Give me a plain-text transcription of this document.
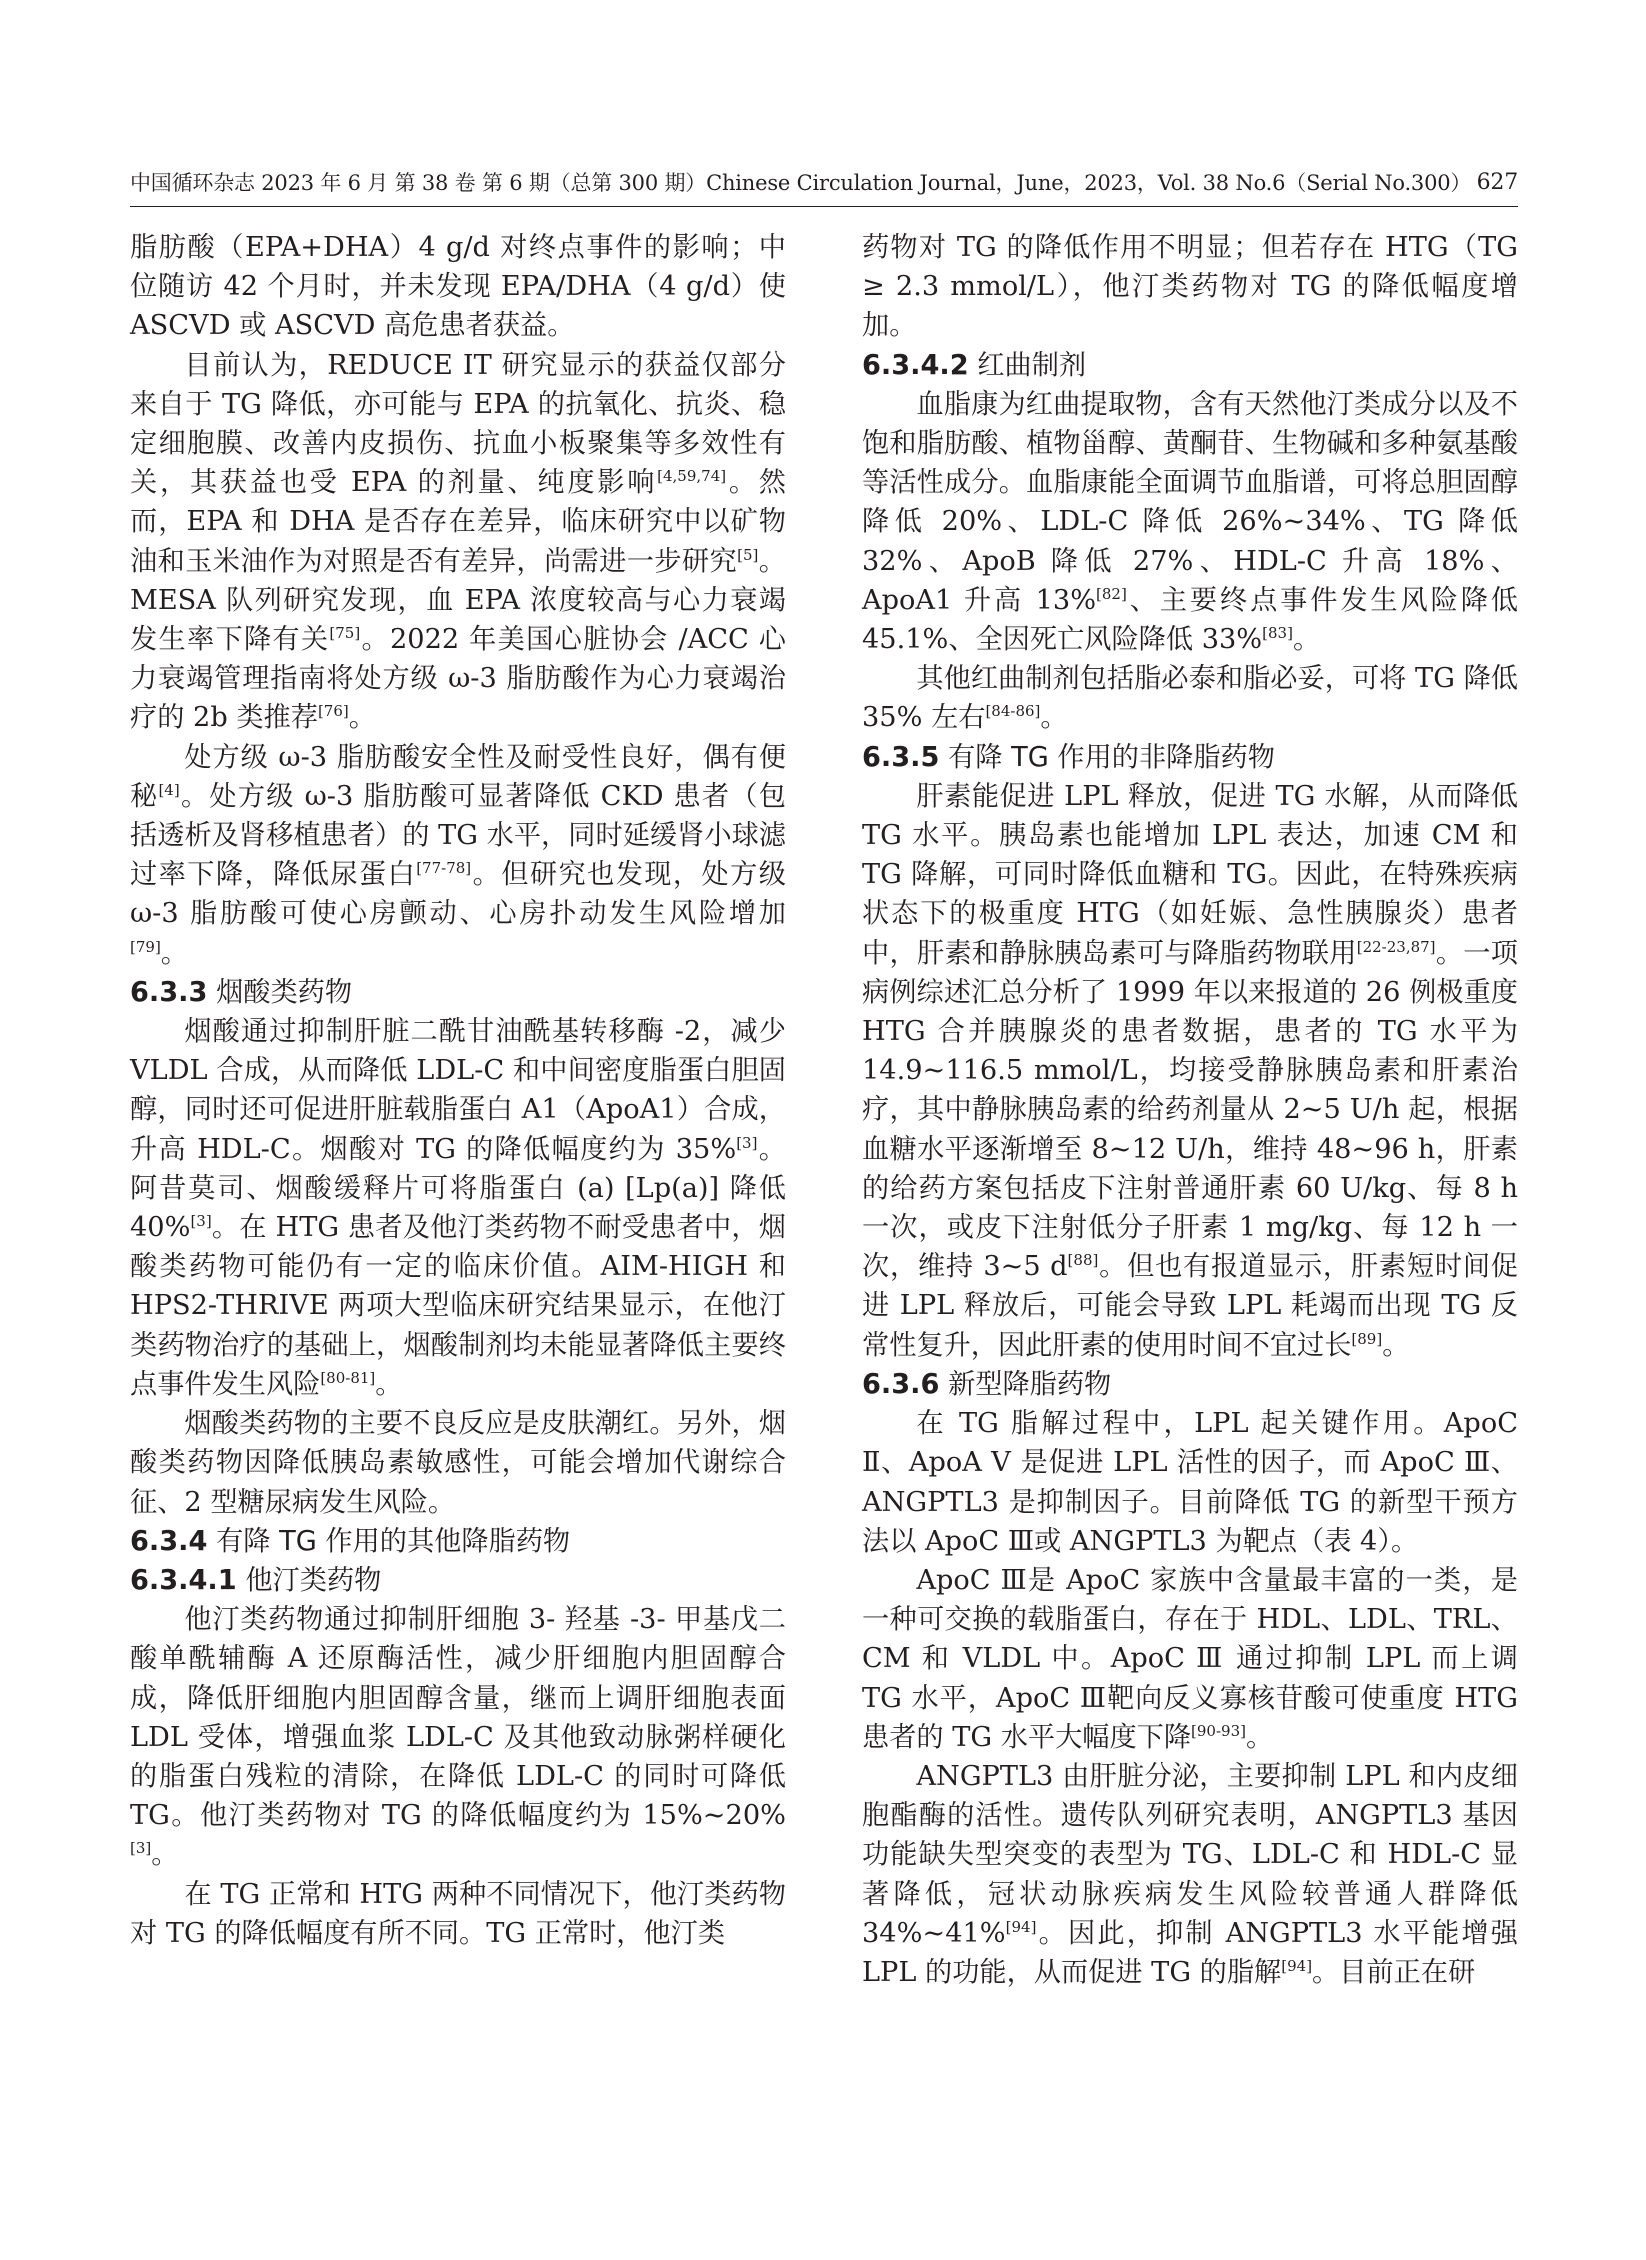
中国循环杂志 2023 年 6 月 第 38 卷 第 6 期（总第 300 期）Chinese Circulation Journal，June，2023，Vol. 38 No.6（Serial No.300） 627

脂肪酸（EPA+DHA）4 g/d 对终点事件的影响；中位随访 42 个月时，并未发现 EPA/DHA（4 g/d）使 ASCVD 或 ASCVD 高危患者获益。

目前认为，REDUCE IT 研究显示的获益仅部分来自于 TG 降低，亦可能与 EPA 的抗氧化、抗炎、稳定细胞膜、改善内皮损伤、抗血小板聚集等多效性有关，其获益也受 EPA 的剂量、纯度影响[4,59,74]。然而，EPA 和 DHA 是否存在差异，临床研究中以矿物油和玉米油作为对照是否有差异，尚需进一步研究[5]。MESA 队列研究发现，血 EPA 浓度较高与心力衰竭发生率下降有关[75]。2022 年美国心脏协会 /ACC 心力衰竭管理指南将处方级 ω-3 脂肪酸作为心力衰竭治疗的 2b 类推荐[76]。

处方级 ω-3 脂肪酸安全性及耐受性良好，偶有便秘[4]。处方级 ω-3 脂肪酸可显著降低 CKD 患者（包括透析及肾移植患者）的 TG 水平，同时延缓肾小球滤过率下降，降低尿蛋白[77-78]。但研究也发现，处方级 ω-3 脂肪酸可使心房颤动、心房扑动发生风险增加[79]。

6.3.3 烟酸类药物

烟酸通过抑制肝脏二酰甘油酰基转移酶 -2，减少 VLDL 合成，从而降低 LDL-C 和中间密度脂蛋白胆固醇，同时还可促进肝脏载脂蛋白 A1（ApoA1）合成，升高 HDL-C。烟酸对 TG 的降低幅度约为 35%[3]。阿昔莫司、烟酸缓释片可将脂蛋白 (a) [Lp(a)] 降低 40%[3]。在 HTG 患者及他汀类药物不耐受患者中，烟酸类药物可能仍有一定的临床价值。AIM-HIGH 和 HPS2-THRIVE 两项大型临床研究结果显示，在他汀类药物治疗的基础上，烟酸制剂均未能显著降低主要终点事件发生风险[80-81]。

烟酸类药物的主要不良反应是皮肤潮红。另外，烟酸类药物因降低胰岛素敏感性，可能会增加代谢综合征、2 型糖尿病发生风险。

6.3.4 有降 TG 作用的其他降脂药物

6.3.4.1 他汀类药物

他汀类药物通过抑制肝细胞 3- 羟基 -3- 甲基戊二酸单酰辅酶 A 还原酶活性，减少肝细胞内胆固醇合成，降低肝细胞内胆固醇含量，继而上调肝细胞表面 LDL 受体，增强血浆 LDL-C 及其他致动脉粥样硬化的脂蛋白残粒的清除，在降低 LDL-C 的同时可降低 TG。他汀类药物对 TG 的降低幅度约为 15%~20%[3]。

在 TG 正常和 HTG 两种不同情况下，他汀类药物对 TG 的降低幅度有所不同。TG 正常时，他汀类

药物对 TG 的降低作用不明显；但若存在 HTG（TG ≥ 2.3 mmol/L），他汀类药物对 TG 的降低幅度增加。

6.3.4.2 红曲制剂

血脂康为红曲提取物，含有天然他汀类成分以及不饱和脂肪酸、植物甾醇、黄酮苷、生物碱和多种氨基酸等活性成分。血脂康能全面调节血脂谱，可将总胆固醇降低 20%、LDL-C 降低 26%~34%、TG 降低 32%、ApoB 降低 27%、HDL-C 升高 18%、ApoA1 升高 13%[82]、主要终点事件发生风险降低 45.1%、全因死亡风险降低 33%[83]。

其他红曲制剂包括脂必泰和脂必妥，可将 TG 降低 35% 左右[84-86]。

6.3.5 有降 TG 作用的非降脂药物

肝素能促进 LPL 释放，促进 TG 水解，从而降低 TG 水平。胰岛素也能增加 LPL 表达，加速 CM 和 TG 降解，可同时降低血糖和 TG。因此，在特殊疾病状态下的极重度 HTG（如妊娠、急性胰腺炎）患者中，肝素和静脉胰岛素可与降脂药物联用[22-23,87]。一项病例综述汇总分析了 1999 年以来报道的 26 例极重度 HTG 合并胰腺炎的患者数据，患者的 TG 水平为 14.9~116.5 mmol/L，均接受静脉胰岛素和肝素治疗，其中静脉胰岛素的给药剂量从 2~5 U/h 起，根据血糖水平逐渐增至 8~12 U/h，维持 48~96 h，肝素的给药方案包括皮下注射普通肝素 60 U/kg、每 8 h 一次，或皮下注射低分子肝素 1 mg/kg、每 12 h 一次，维持 3~5 d[88]。但也有报道显示，肝素短时间促进 LPL 释放后，可能会导致 LPL 耗竭而出现 TG 反常性复升，因此肝素的使用时间不宜过长[89]。

6.3.6 新型降脂药物

在 TG 脂解过程中，LPL 起关键作用。ApoC Ⅱ、ApoA Ⅴ 是促进 LPL 活性的因子，而 ApoC Ⅲ、ANGPTL3 是抑制因子。目前降低 TG 的新型干预方法以 ApoC Ⅲ或 ANGPTL3 为靶点（表 4）。

ApoC Ⅲ是 ApoC 家族中含量最丰富的一类，是一种可交换的载脂蛋白，存在于 HDL、LDL、TRL、CM 和 VLDL 中。ApoC Ⅲ 通过抑制 LPL 而上调 TG 水平，ApoC Ⅲ靶向反义寡核苷酸可使重度 HTG 患者的 TG 水平大幅度下降[90-93]。

ANGPTL3 由肝脏分泌，主要抑制 LPL 和内皮细胞酯酶的活性。遗传队列研究表明，ANGPTL3 基因功能缺失型突变的表型为 TG、LDL-C 和 HDL-C 显著降低，冠状动脉疾病发生风险较普通人群降低 34%~41%[94]。因此，抑制 ANGPTL3 水平能增强 LPL 的功能，从而促进 TG 的脂解[94]。目前正在研
